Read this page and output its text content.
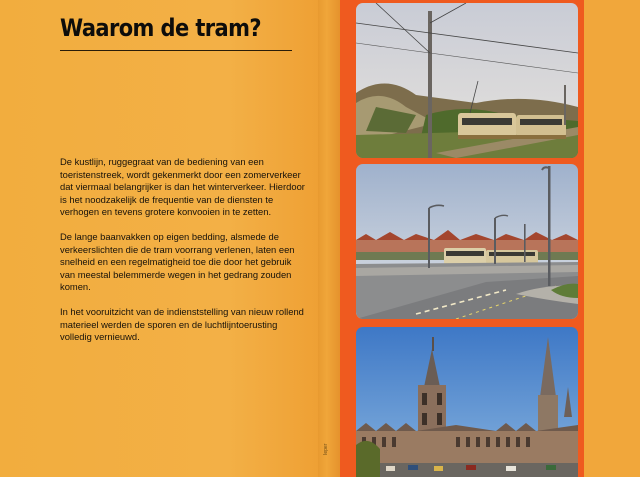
Ieper
Waarom de tram?

De kustlijn, ruggegraat van de bediening van een toeristenstreek, wordt gekenmerkt door een zomerverkeer dat viermaal belangrijker is dan het winterverkeer. Hierdoor is het noodzakelijk de frequentie van de diensten te verhogen en tevens grotere konvooien in te zetten.

De lange baanvakken op eigen bedding, alsmede de verkeerslichten die de tram voorrang verlenen, laten een snelheid en een regelmatigheid toe die door het gebruik van meestal belemmerde wegen in het gedrang zouden komen.

In het vooruitzicht van de indienststelling van nieuw rollend materieel werden de sporen en de luchtlijntoerusting volledig vernieuwd.
